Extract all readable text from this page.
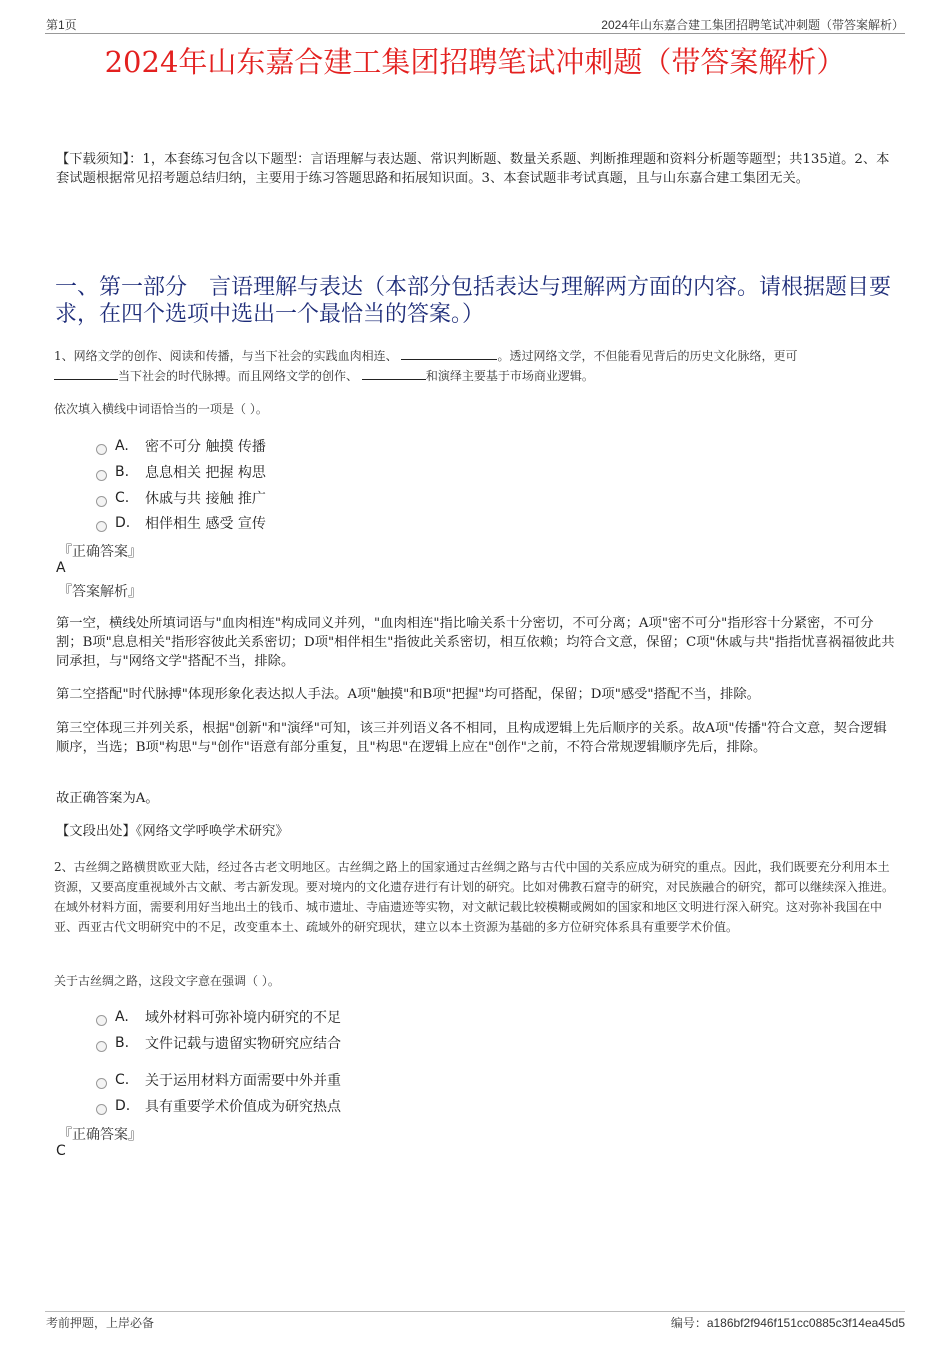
第1页	2024年山东嘉合建工集团招聘笔试冲刺题（带答案解析）
2024年山东嘉合建工集团招聘笔试冲刺题（带答案解析）
【下载须知】：1，本套练习包含以下题型：言语理解与表达题、常识判断题、数量关系题、判断推理题和资料分析题等题型；共135道。2、本套试题根据常见招考题总结归纳，主要用于练习答题思路和拓展知识面。3、本套试题非考试真题，且与山东嘉合建工集团无关。
一、第一部分　言语理解与表达（本部分包括表达与理解两方面的内容。请根据题目要求，在四个选项中选出一个最恰当的答案。）
1、网络文学的创作、阅读和传播，与当下社会的实践血肉相连、	。透过网络文学，不但能看见背后的历史文化脉络，更可
当下社会的时代脉搏。而且网络文学的创作、	和演绎主要基于市场商业逻辑。
依次填入横线中词语恰当的一项是（ ）。
A.	密不可分 触摸 传播
B.	息息相关 把握 构思
C.	休戚与共 接触 推广
D.	相伴相生 感受 宣传
『正确答案』
A
『答案解析』
第一空，横线处所填词语与"血肉相连"构成同义并列，"血肉相连"指比喻关系十分密切，不可分离；A项"密不可分"指形容十分紧密，不可分割；B项"息息相关"指形容彼此关系密切；D项"相伴相生"指彼此关系密切，相互依赖；均符合文意，保留；C项"休戚与共"指指忧喜祸福彼此共同承担，与"网络文学"搭配不当，排除。
第二空搭配"时代脉搏"体现形象化表达拟人手法。A项"触摸"和B项"把握"均可搭配，保留；D项"感受"搭配不当，排除。
第三空体现三并列关系，根据"创新"和"演绎"可知，该三并列语义各不相同，且构成逻辑上先后顺序的关系。故A项"传播"符合文意，契合逻辑顺序，当选；B项"构思"与"创作"语意有部分重复，且"构思"在逻辑上应在"创作"之前，不符合常规逻辑顺序先后，排除。
故正确答案为A。
【文段出处】《网络文学呼唤学术研究》
2、古丝绸之路横贯欧亚大陆，经过各古老文明地区。古丝绸之路上的国家通过古丝绸之路与古代中国的关系应成为研究的重点。因此，我们既要充分利用本土资源，又要高度重视域外古文献、考古新发现。要对境内的文化遗存进行有计划的研究。比如对佛教石窟寺的研究，对民族融合的研究，都可以继续深入推进。在域外材料方面，需要利用好当地出土的钱币、城市遗址、寺庙遗迹等实物，对文献记载比较模糊或阙如的国家和地区文明进行深入研究。这对弥补我国在中亚、西亚古代文明研究中的不足，改变重本土、疏域外的研究现状，建立以本土资源为基础的多方位研究体系具有重要学术价值。
关于古丝绸之路，这段文字意在强调（ ）。
A.	域外材料可弥补境内研究的不足
B.	文件记载与遗留实物研究应结合
C.	关于运用材料方面需要中外并重
D.	具有重要学术价值成为研究热点
『正确答案』
C
考前押题，上岸必备	编号：a186bf2f946f151cc0885c3f14ea45d5
